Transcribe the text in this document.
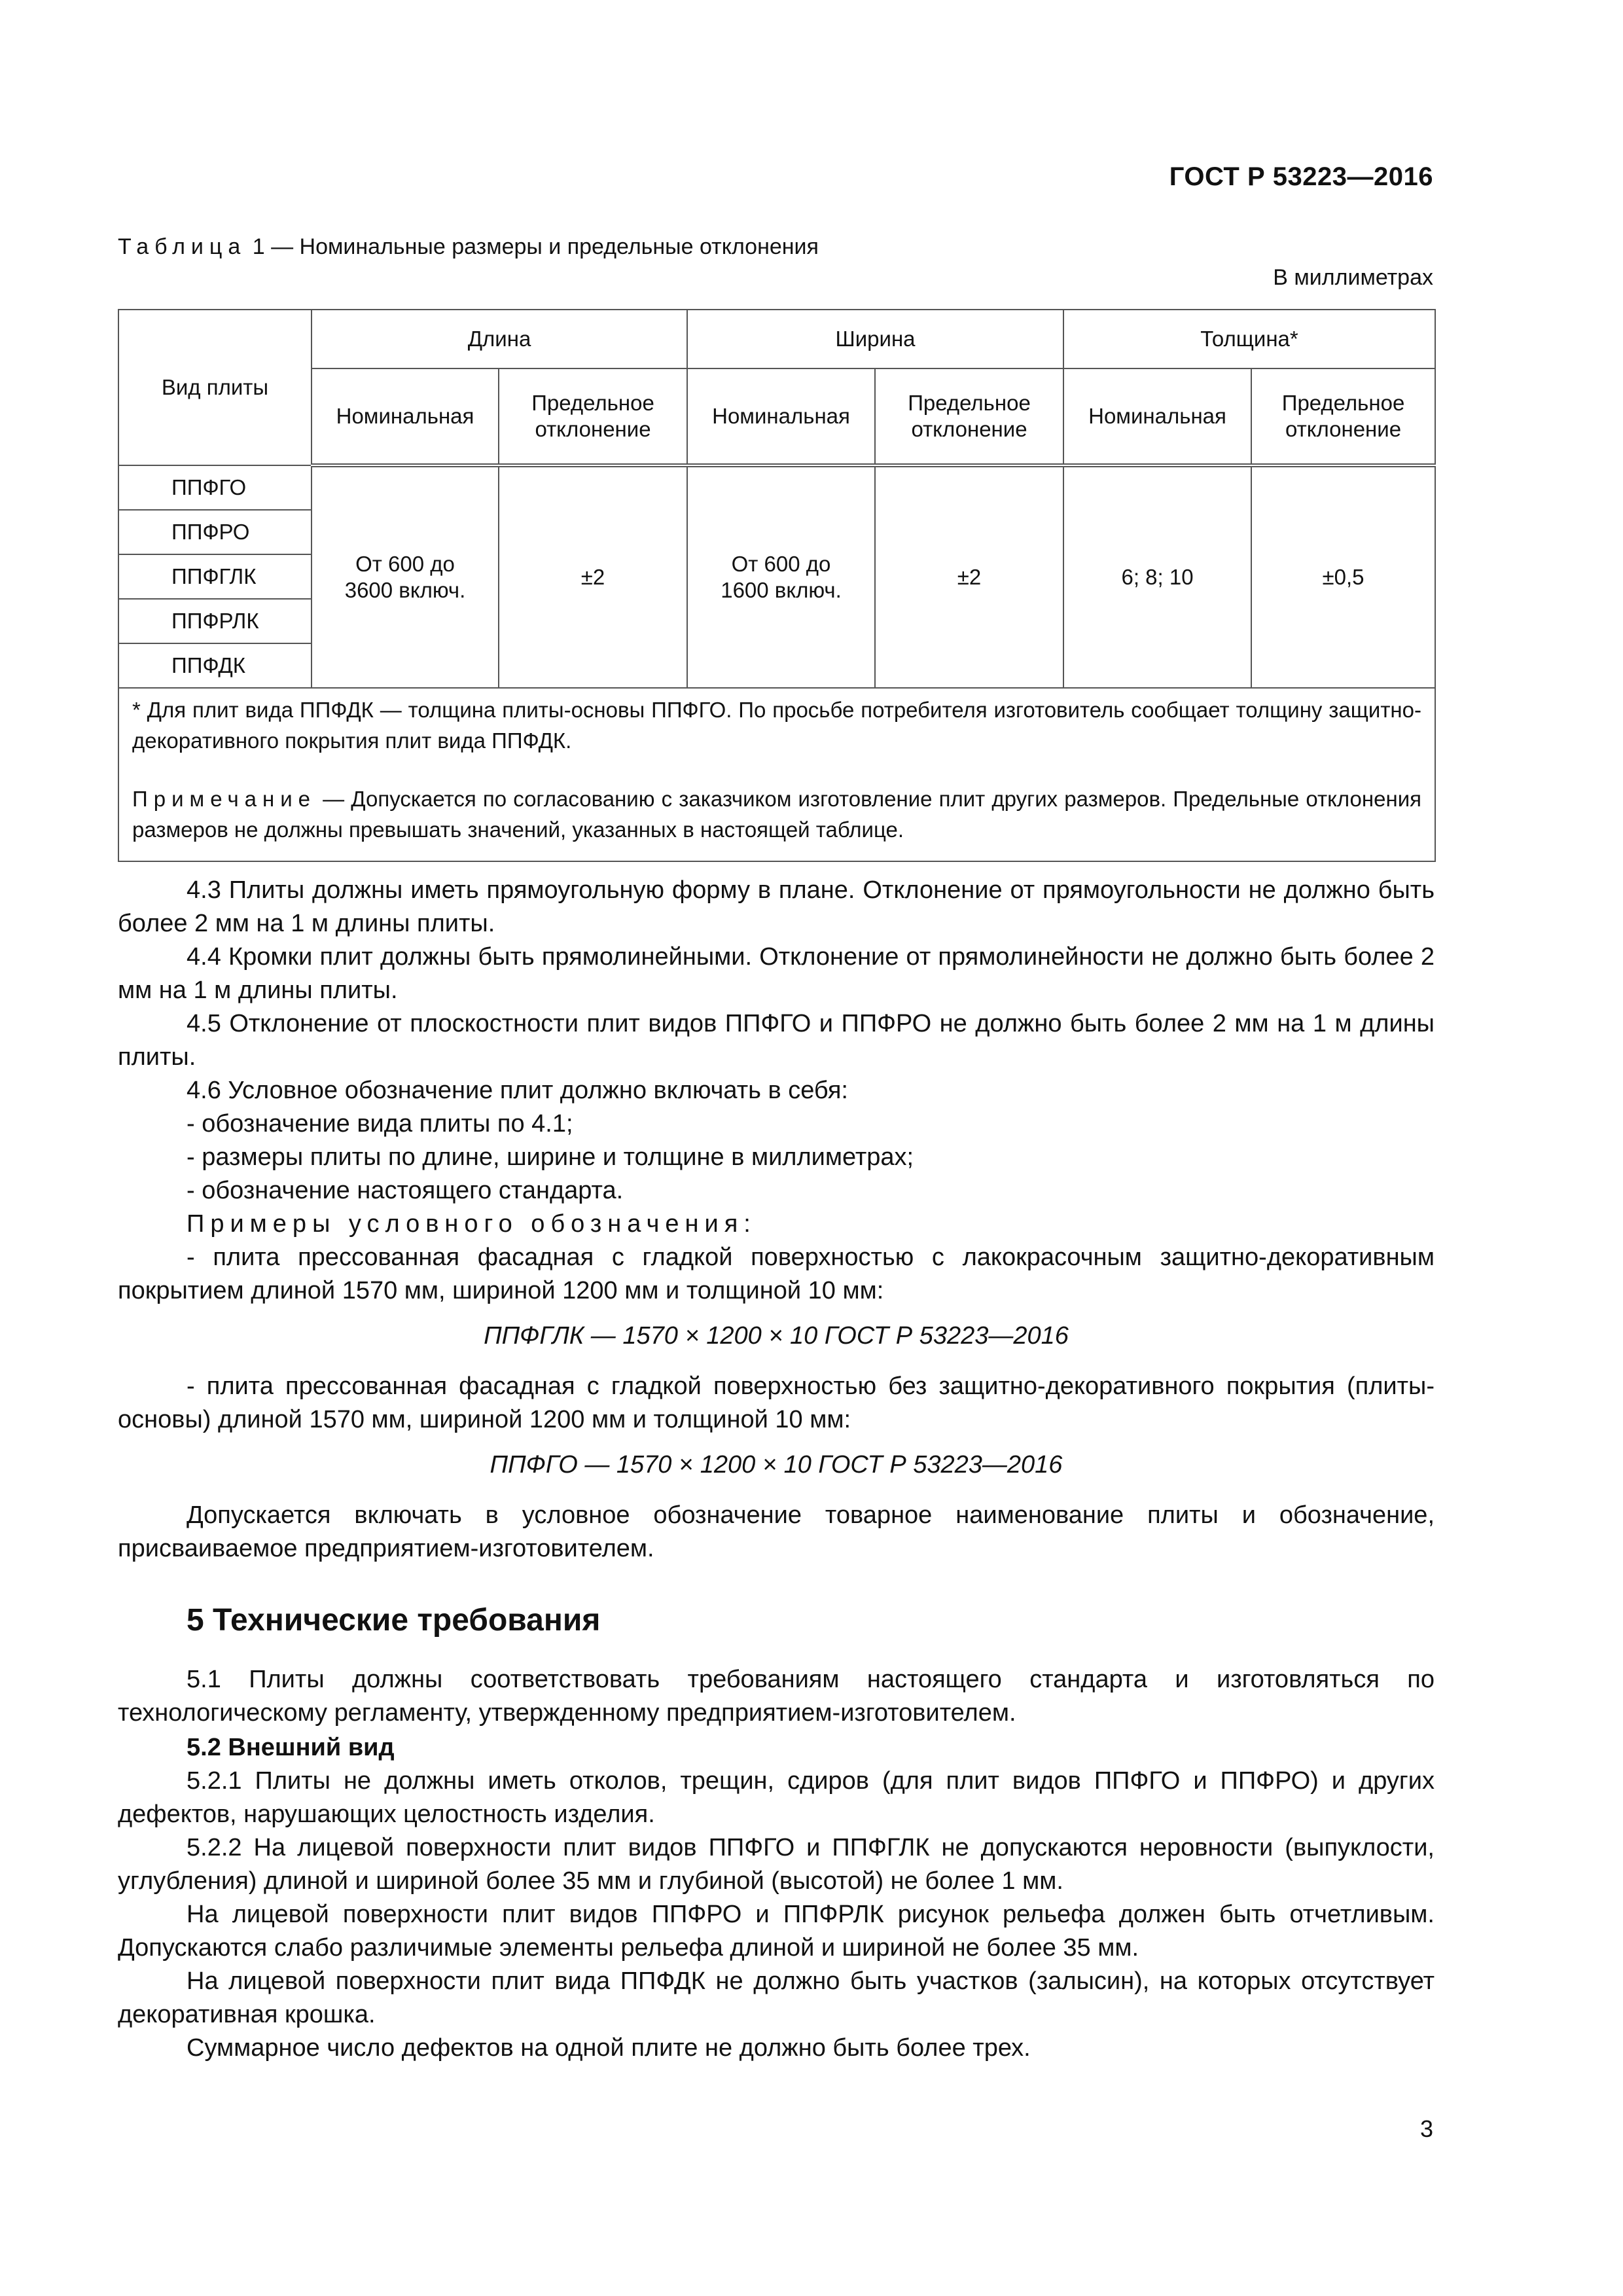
ГОСТ Р 53223—2016
Таблица 1 — Номинальные размеры и предельные отклонения
В миллиметрах
Вид плиты	Длина		Ширина		Толщина*	
	Номинальная	Предельное отклонение	Номинальная	Предельное отклонение	Номинальная	Предельное отклонение
ППФГО	От 600 до 3600 включ.	±2	От 600 до 1600 включ.	±2	6; 8; 10	±0,5
ППФРО						
ППФГЛК						
ППФРЛК						
ППФДК						

* Для плит вида ППФДК — толщина плиты-основы ППФГО. По просьбе потребителя изготовитель сообщает толщину защитно-декоративного покрытия плит вида ППФДК.

Примечание — Допускается по согласованию с заказчиком изготовление плит других размеров. Предельные отклонения размеров не должны превышать значений, указанных в настоящей таблице.						

4.3 Плиты должны иметь прямоугольную форму в плане. Отклонение от прямоугольности не должно быть более 2 мм на 1 м длины плиты.

4.4 Кромки плит должны быть прямолинейными. Отклонение от прямолинейности не должно быть более 2 мм на 1 м длины плиты.

4.5 Отклонение от плоскостности плит видов ППФГО и ППФРО не должно быть более 2 мм на 1 м длины плиты.

4.6 Условное обозначение плит должно включать в себя:

- обозначение вида плиты по 4.1;

- размеры плиты по длине, ширине и толщине в миллиметрах;

- обозначение настоящего стандарта.

Примеры условного обозначения:

- плита прессованная фасадная с гладкой поверхностью с лакокрасочным защитно-декоративным покрытием длиной 1570 мм, шириной 1200 мм и толщиной 10 мм:

ППФГЛК — 1570 × 1200 × 10 ГОСТ Р 53223—2016

- плита прессованная фасадная с гладкой поверхностью без защитно-декоративного покрытия (плиты-основы) длиной 1570 мм, шириной 1200 мм и толщиной 10 мм:

ППФГО — 1570 × 1200 × 10 ГОСТ Р 53223—2016

Допускается включать в условное обозначение товарное наименование плиты и обозначение, присваиваемое предприятием-изготовителем.

5 Технические требования

5.1 Плиты должны соответствовать требованиям настоящего стандарта и изготовляться по технологическому регламенту, утвержденному предприятием-изготовителем.

5.2 Внешний вид

5.2.1 Плиты не должны иметь отколов, трещин, сдиров (для плит видов ППФГО и ППФРО) и других дефектов, нарушающих целостность изделия.

5.2.2 На лицевой поверхности плит видов ППФГО и ППФГЛК не допускаются неровности (выпуклости, углубления) длиной и шириной более 35 мм и глубиной (высотой) не более 1 мм.

На лицевой поверхности плит видов ППФРО и ППФРЛК рисунок рельефа должен быть отчетливым. Допускаются слабо различимые элементы рельефа длиной и шириной не более 35 мм.

На лицевой поверхности плит вида ППФДК не должно быть участков (залысин), на которых отсутствует декоративная крошка.

Суммарное число дефектов на одной плите не должно быть более трех.

3
